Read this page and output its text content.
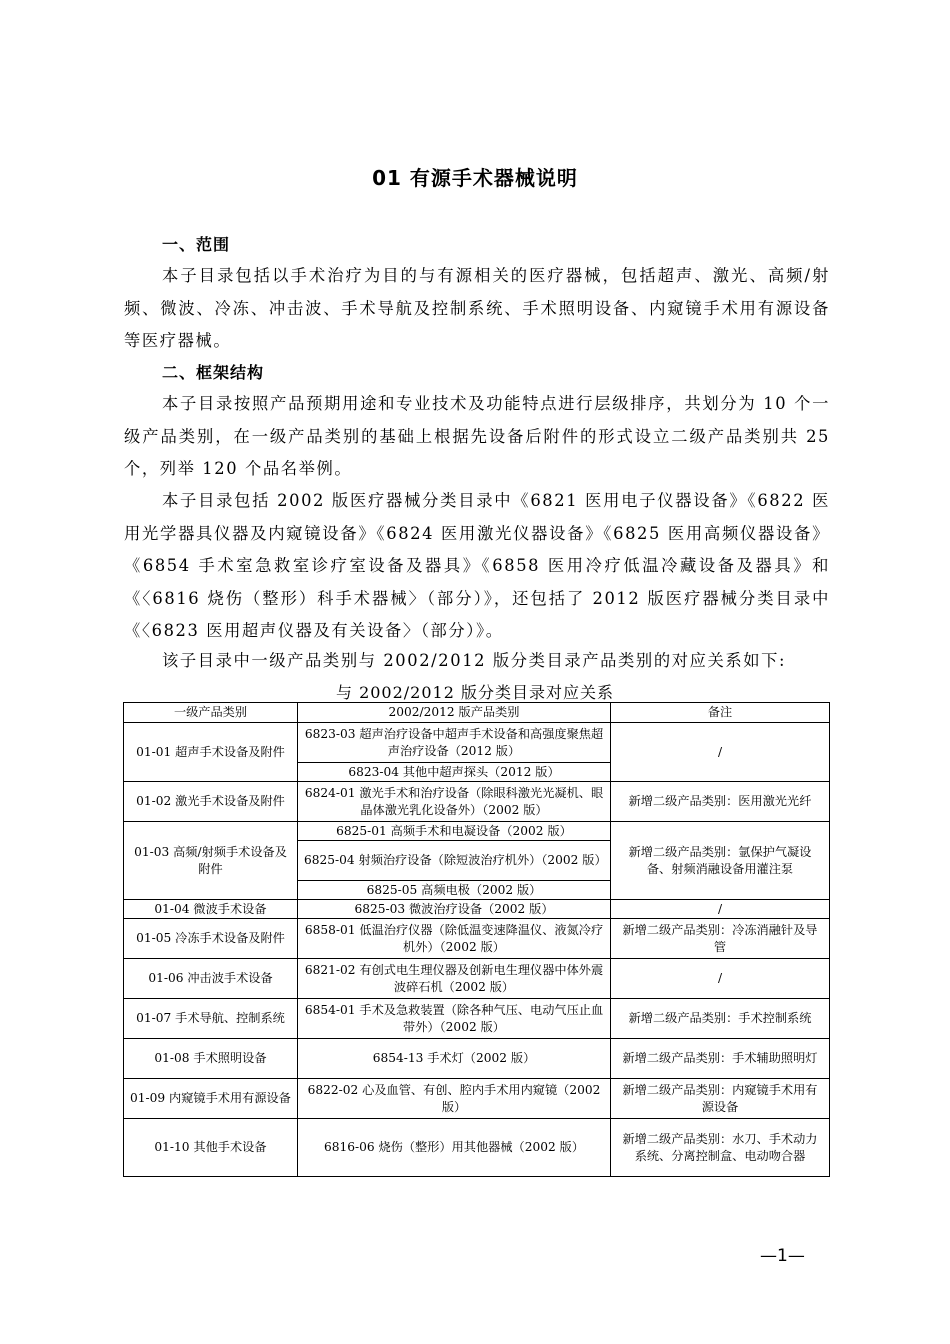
01 有源手术器械说明
一、范围
本子目录包括以手术治疗为目的与有源相关的医疗器械，包括超声、激光、高频/射频、微波、冷冻、冲击波、手术导航及控制系统、手术照明设备、内窥镜手术用有源设备等医疗器械。
二、框架结构
本子目录按照产品预期用途和专业技术及功能特点进行层级排序，共划分为 10 个一级产品类别，在一级产品类别的基础上根据先设备后附件的形式设立二级产品类别共 25 个，列举 120 个品名举例。
本子目录包括 2002 版医疗器械分类目录中《6821 医用电子仪器设备》《6822 医用光学器具仪器及内窥镜设备》《6824 医用激光仪器设备》《6825 医用高频仪器设备》《6854 手术室急救室诊疗室设备及器具》《6858 医用冷疗低温冷藏设备及器具》和《〈6816 烧伤（整形）科手术器械〉（部分）》，还包括了 2012 版医疗器械分类目录中《〈6823 医用超声仪器及有关设备〉（部分）》。
该子目录中一级产品类别与 2002/2012 版分类目录产品类别的对应关系如下:
与 2002/2012 版分类目录对应关系
一级产品类别	2002/2012 版产品类别	备注
01-01 超声手术设备及附件	6823-03 超声治疗设备中超声手术设备和高强度聚焦超声治疗设备（2012 版）	/
	6823-04 其他中超声探头（2012 版）	
01-02 激光手术设备及附件	6824-01 激光手术和治疗设备（除眼科激光光凝机、眼晶体激光乳化设备外）（2002 版）	新增二级产品类别：医用激光光纤
01-03 高频/射频手术设备及附件	6825-01 高频手术和电凝设备（2002 版）	新增二级产品类别：氩保护气凝设备、射频消融设备用灌注泵
	6825-04 射频治疗设备（除短波治疗机外）（2002 版）	
	6825-05 高频电极（2002 版）	
01-04 微波手术设备	6825-03 微波治疗设备（2002 版）	/
01-05 冷冻手术设备及附件	6858-01 低温治疗仪器（除低温变速降温仪、液氮冷疗机外）（2002 版）	新增二级产品类别：冷冻消融针及导管
01-06 冲击波手术设备	6821-02 有创式电生理仪器及创新电生理仪器中体外震波碎石机（2002 版）	/
01-07 手术导航、控制系统	6854-01 手术及急救装置（除各种气压、电动气压止血带外）（2002 版）	新增二级产品类别：手术控制系统
01-08 手术照明设备	6854-13 手术灯（2002 版）	新增二级产品类别：手术辅助照明灯
01-09 内窥镜手术用有源设备	6822-02 心及血管、有创、腔内手术用内窥镜（2002 版）	新增二级产品类别：内窥镜手术用有源设备
01-10 其他手术设备	6816-06 烧伤（整形）用其他器械（2002 版）	新增二级产品类别：水刀、手术动力系统、分离控制盒、电动吻合器
—1—
